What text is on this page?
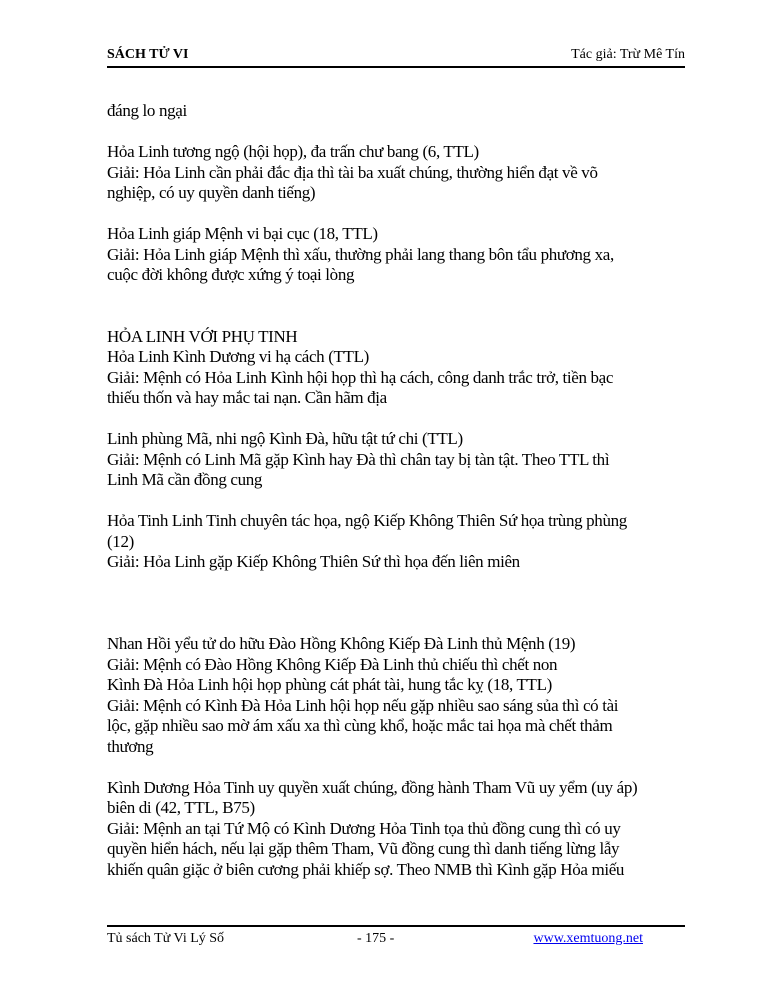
SÁCH TỬ VI	Tác giả: Trừ Mê Tín

đáng lo ngại

Hỏa Linh tương ngộ (hội họp), đa trấn chư bang (6, TTL)
Giải: Hỏa Linh cần phải đắc địa thì tài ba xuất chúng, thường hiển đạt về võ
nghiệp, có uy quyền danh tiếng)

Hỏa Linh giáp Mệnh vi bại cục (18, TTL)
Giải: Hỏa Linh giáp Mệnh thì xấu, thường phải lang thang bôn tẩu phương xa,
cuộc đời không được xứng ý toại lòng

HỎA LINH VỚI PHỤ TINH
Hỏa Linh Kình Dương vi hạ cách (TTL)
Giải: Mệnh có Hỏa Linh Kình hội họp thì hạ cách, công danh trắc trở, tiền bạc
thiếu thốn và hay mắc tai nạn. Cần hãm địa

Linh phùng Mã, nhi ngộ Kình Đà, hữu tật tứ chi (TTL)
Giải: Mệnh có Linh Mã gặp Kình hay Đà thì chân tay bị tàn tật. Theo TTL thì
Linh Mã cần đồng cung

Hỏa Tinh Linh Tinh chuyên tác họa, ngộ Kiếp Không Thiên Sứ họa trùng phùng
(12)
Giải: Hỏa Linh gặp Kiếp Không Thiên Sứ thì họa đến liên miên

Nhan Hồi yểu tử do hữu Đào Hồng Không Kiếp Đà Linh thủ Mệnh (19)
Giải: Mệnh có Đào Hồng Không Kiếp Đà Linh thủ chiếu thì chết non
Kình Đà Hỏa Linh hội họp phùng cát phát tài, hung tắc kỵ (18, TTL)
Giải: Mệnh có Kình Đà Hỏa Linh hội họp nếu gặp nhiều sao sáng sủa thì có tài
lộc, gặp nhiều sao mờ ám xấu xa thì cùng khổ, hoặc mắc tai họa mà chết thảm
thương

Kình Dương Hỏa Tinh uy quyền xuất chúng, đồng hành Tham Vũ uy yểm (uy áp)
biên di (42, TTL, B75)
Giải: Mệnh an tại Tứ Mộ có Kình Dương Hỏa Tinh tọa thủ đồng cung thì có uy
quyền hiển hách, nếu lại gặp thêm Tham, Vũ đồng cung thì danh tiếng lừng lẫy
khiến quân giặc ở biên cương phải khiếp sợ. Theo NMB thì Kình gặp Hỏa miếu

Tủ sách Tử Vi Lý Số	- 175 -	www.xemtuong.net
